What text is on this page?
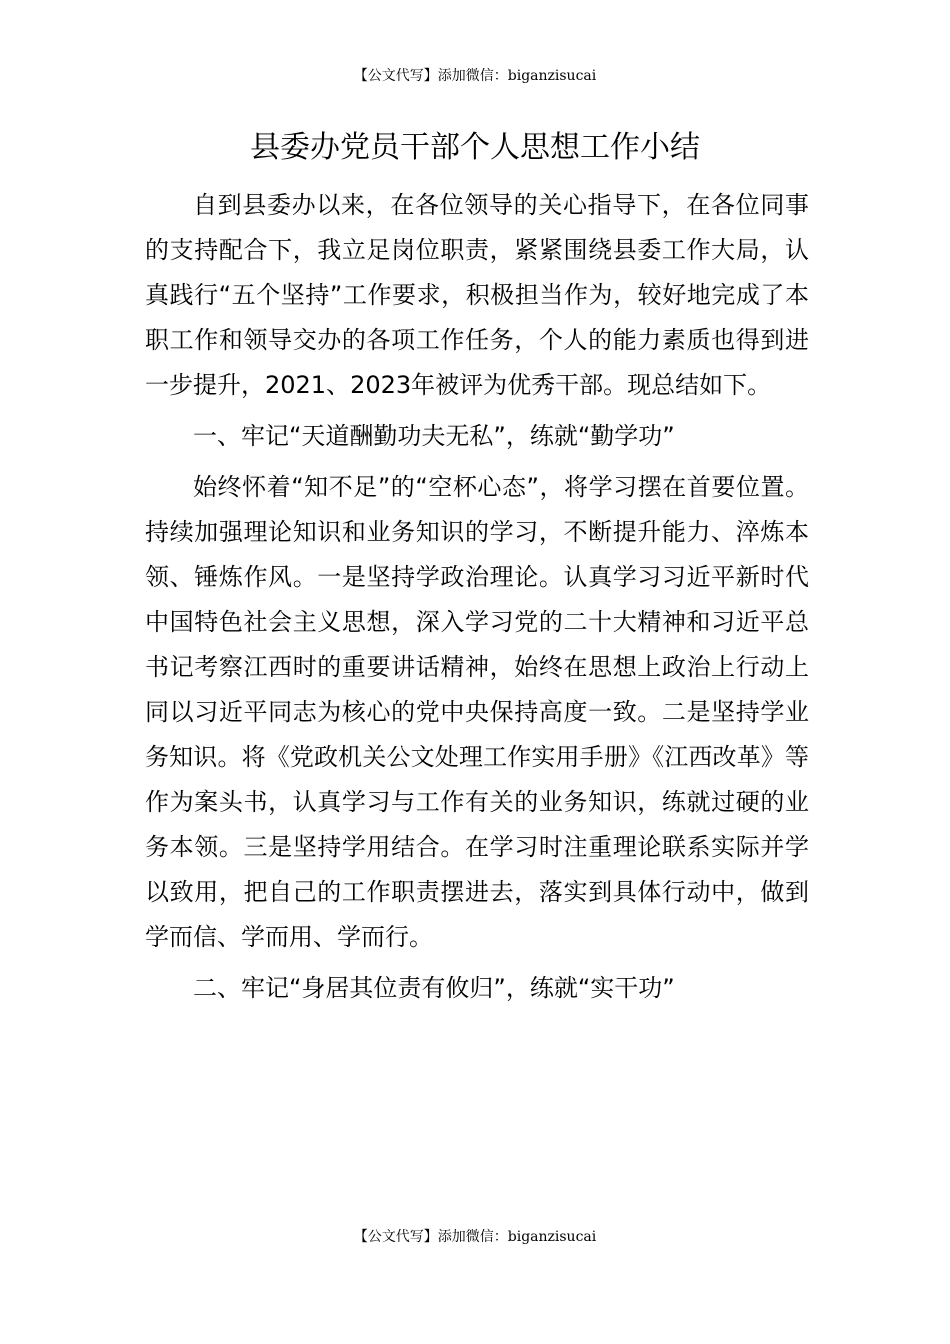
【公文代写】添加微信：biganzisucai
县委办党员干部个人思想工作小结

自到县委办以来，在各位领导的关心指导下，在各位同事的支持配合下，我立足岗位职责，紧紧围绕县委工作大局，认真践行“五个坚持”工作要求，积极担当作为，较好地完成了本职工作和领导交办的各项工作任务，个人的能力素质也得到进一步提升，2021、2023年被评为优秀干部。现总结如下。

一、牢记“天道酬勤功夫无私”，练就“勤学功”

始终怀着“知不足”的“空杯心态”，将学习摆在首要位置。持续加强理论知识和业务知识的学习，不断提升能力、淬炼本领、锤炼作风。一是坚持学政治理论。认真学习习近平新时代中国特色社会主义思想，深入学习党的二十大精神和习近平总书记考察江西时的重要讲话精神，始终在思想上政治上行动上同以习近平同志为核心的党中央保持高度一致。二是坚持学业务知识。将《党政机关公文处理工作实用手册》《江西改革》等作为案头书，认真学习与工作有关的业务知识，练就过硬的业务本领。三是坚持学用结合。在学习时注重理论联系实际并学以致用，把自己的工作职责摆进去，落实到具体行动中，做到学而信、学而用、学而行。

二、牢记“身居其位责有攸归”，练就“实干功”

【公文代写】添加微信：biganzisucai
